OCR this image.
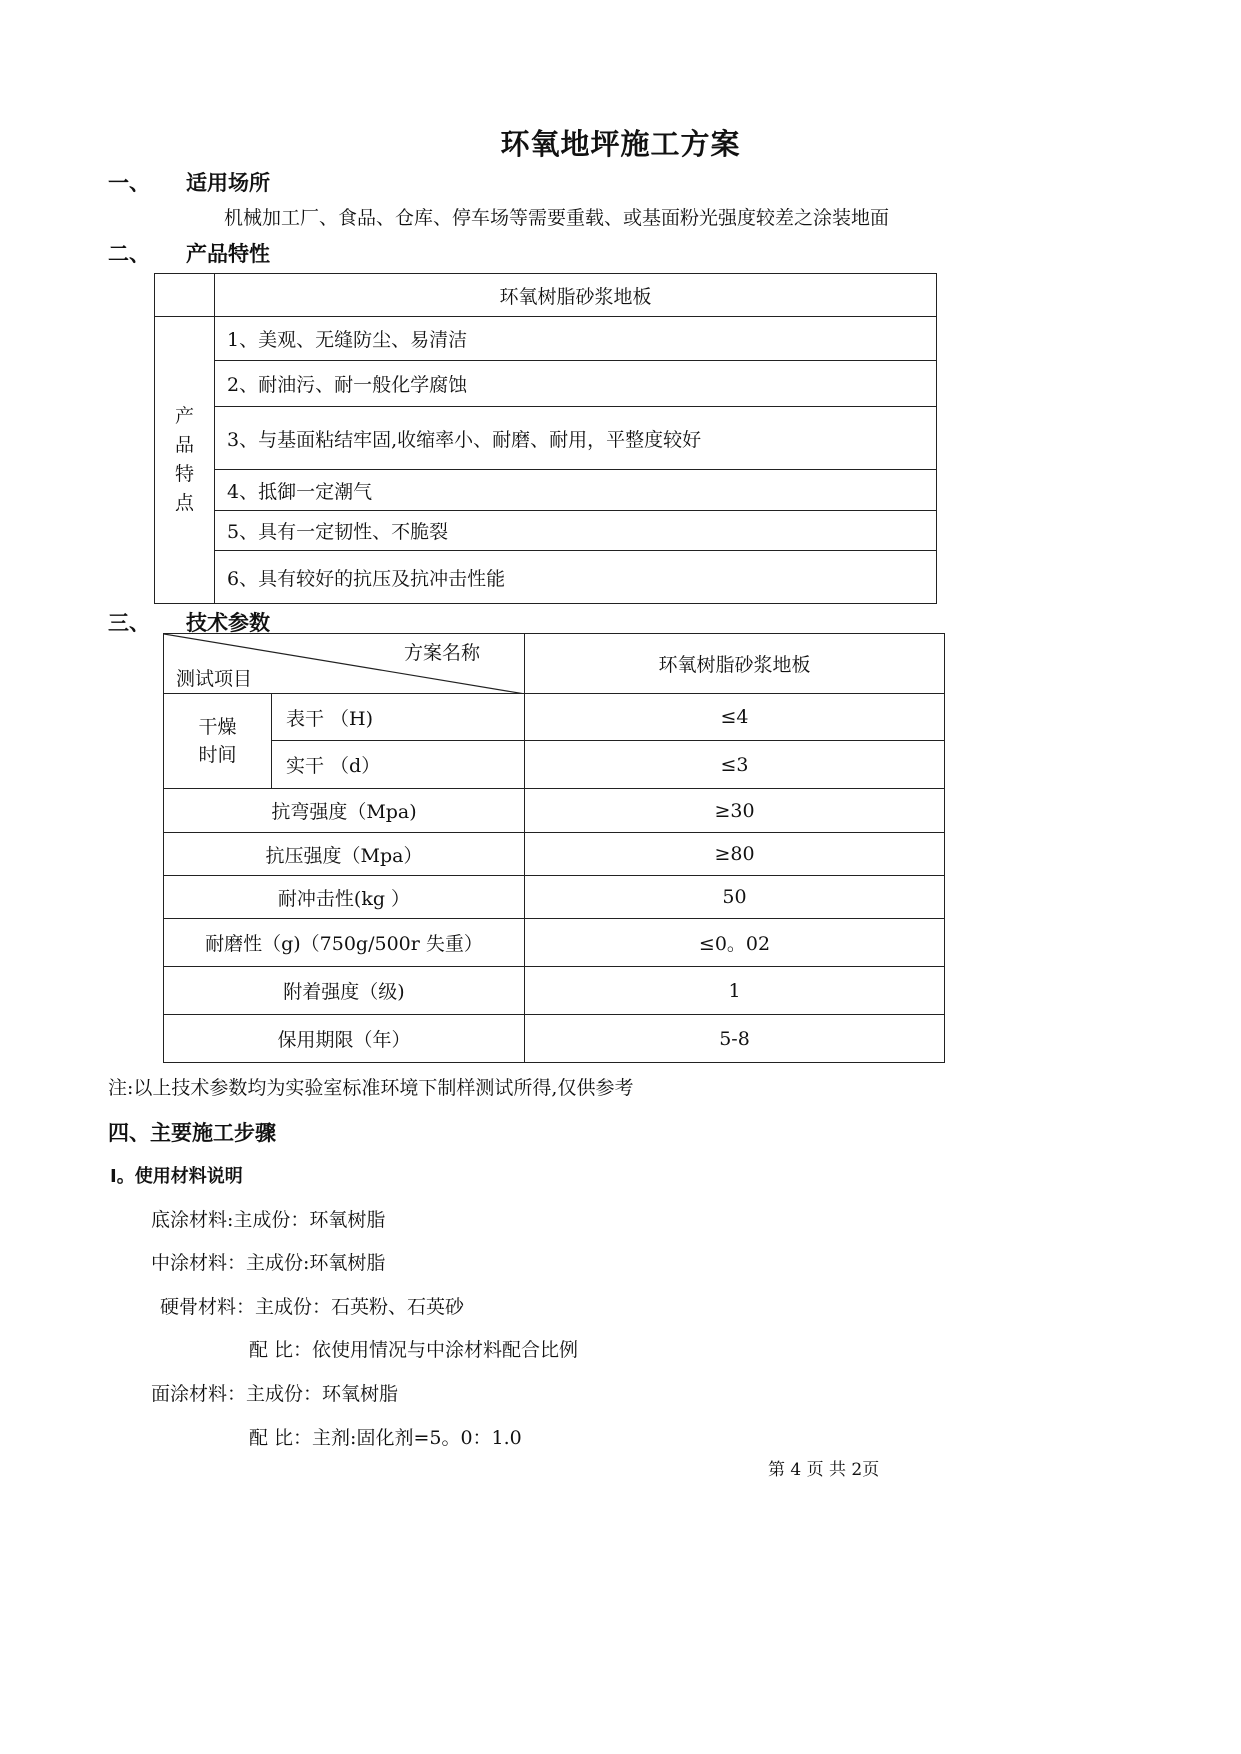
环氧地坪施工方案
一、 适用场所
机械加工厂、食品、仓库、停车场等需要重载、或基面粉光强度较差之涂装地面
二、 产品特性
	环氧树脂砂浆地板

产
品
特
点	1、美观、无缝防尘、易清洁
	2、耐油污、耐一般化学腐蚀
	3、与基面粘结牢固,收缩率小、耐磨、耐用，平整度较好
	4、抵御一定潮气
	5、具有一定韧性、不脆裂
	6、具有较好的抗压及抗冲击性能
三、 技术参数
方案名称
测试项目		环氧树脂砂浆地板

干燥
时间	表干 （H)	≤4
	实干 （d）	≤3
抗弯强度（Mpa)		≥30
抗压强度（Mpa）		≥80
耐冲击性(kg ）		50
耐磨性（g)（750g/500r 失重）		≤0。02
附着强度（级)		1
保用期限（年）		5-8
注:以上技术参数均为实验室标准环境下制样测试所得,仅供参考
四、主要施工步骤
Ⅰ。使用材料说明
底涂材料:主成份：环氧树脂
中涂材料：主成份:环氧树脂
硬骨材料：主成份：石英粉、石英砂
配 比：依使用情况与中涂材料配合比例
面涂材料：主成份：环氧树脂
配 比：主剂:固化剂=5。0：1.0
第 4 页 共 2页
